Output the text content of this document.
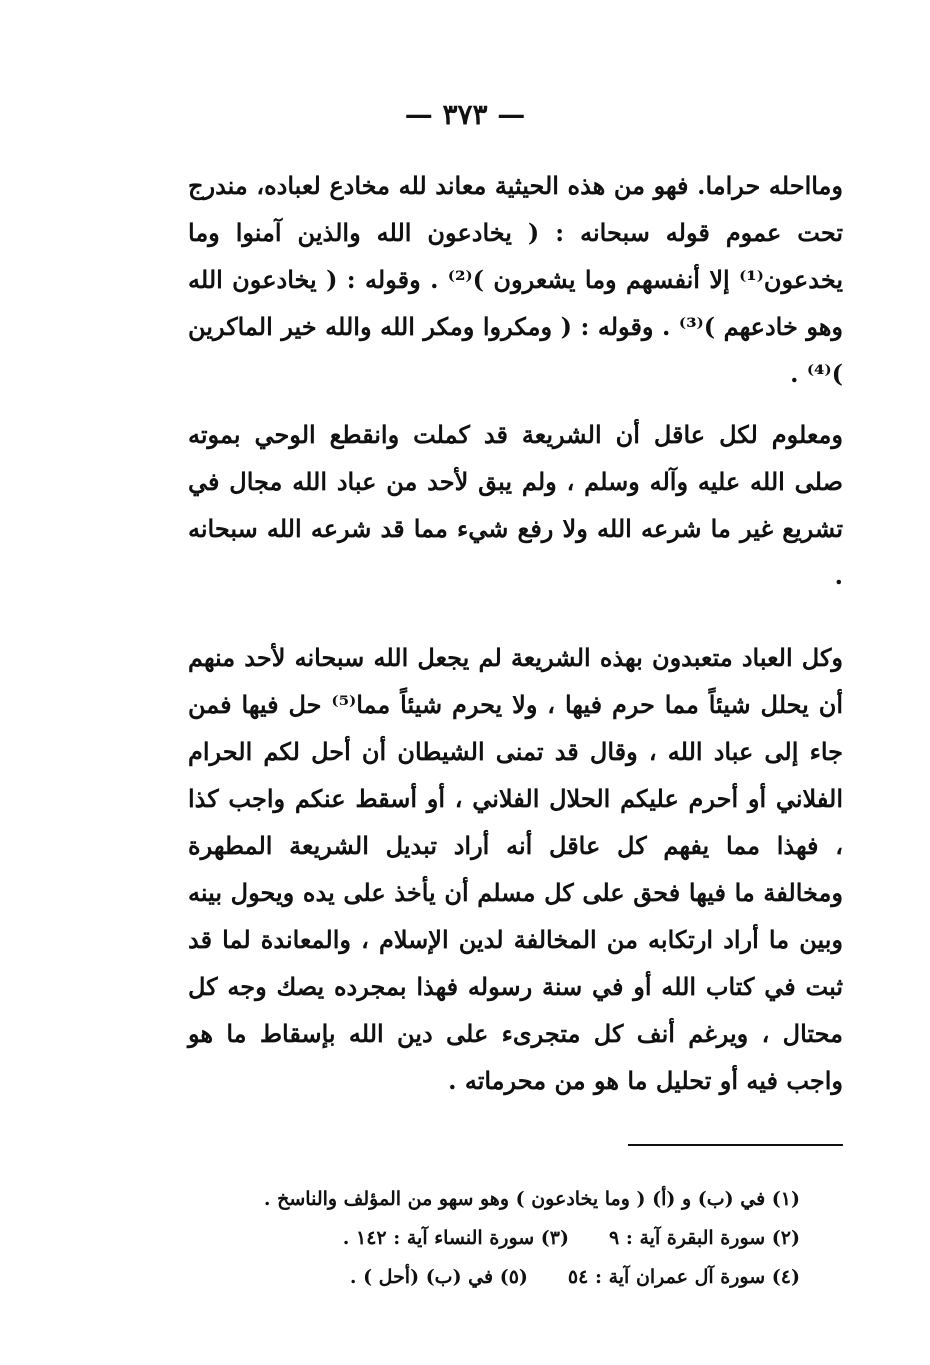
— ٣٧٣ —

ومااحله حراما. فهو من هذه الحيثية معاند لله مخادع لعباده، مندرج تحت عموم قوله سبحانه : ( يخادعون الله والذين آمنوا وما يخدعون⁽¹⁾ إلا أنفسهم وما يشعرون )⁽²⁾ . وقوله : ( يخادعون الله وهو خادعهم )⁽³⁾ . وقوله : ( ومكروا ومكر الله والله خير الماكرين )⁽⁴⁾ .

ومعلوم لكل عاقل أن الشريعة قد كملت وانقطع الوحي بموته صلى الله عليه وآله وسلم ، ولم يبق لأحد من عباد الله مجال في تشريع غير ما شرعه الله ولا رفع شيء مما قد شرعه الله سبحانه .

وكل العباد متعبدون بهذه الشريعة لم يجعل الله سبحانه لأحد منهم أن يحلل شيئاً مما حرم فيها ، ولا يحرم شيئاً مما⁽⁵⁾ حل فيها فمن جاء إلى عباد الله ، وقال قد تمنى الشيطان أن أحل لكم الحرام الفلاني أو أحرم عليكم الحلال الفلاني ، أو أسقط عنكم واجب كذا ، فهذا مما يفهم كل عاقل أنه أراد تبديل الشريعة المطهرة ومخالفة ما فيها فحق على كل مسلم أن يأخذ على يده ويحول بينه وبين ما أراد ارتكابه من المخالفة لدين الإسلام ، والمعاندة لما قد ثبت في كتاب الله أو في سنة رسوله فهذا بمجرده يصك وجه كل محتال ، ويرغم أنف كل متجرىء على دين الله بإسقاط ما هو واجب فيه أو تحليل ما هو من محرماته .

(١) في (ب) و (أ) ( وما يخادعون ) وهو سهو من المؤلف والناسخ .
(٢) سورة البقرة آية : ٩(٣) سورة النساء آية : ١٤٢ .
(٤) سورة آل عمران آية : ٥٤(٥) في (ب) (أحل ) .
